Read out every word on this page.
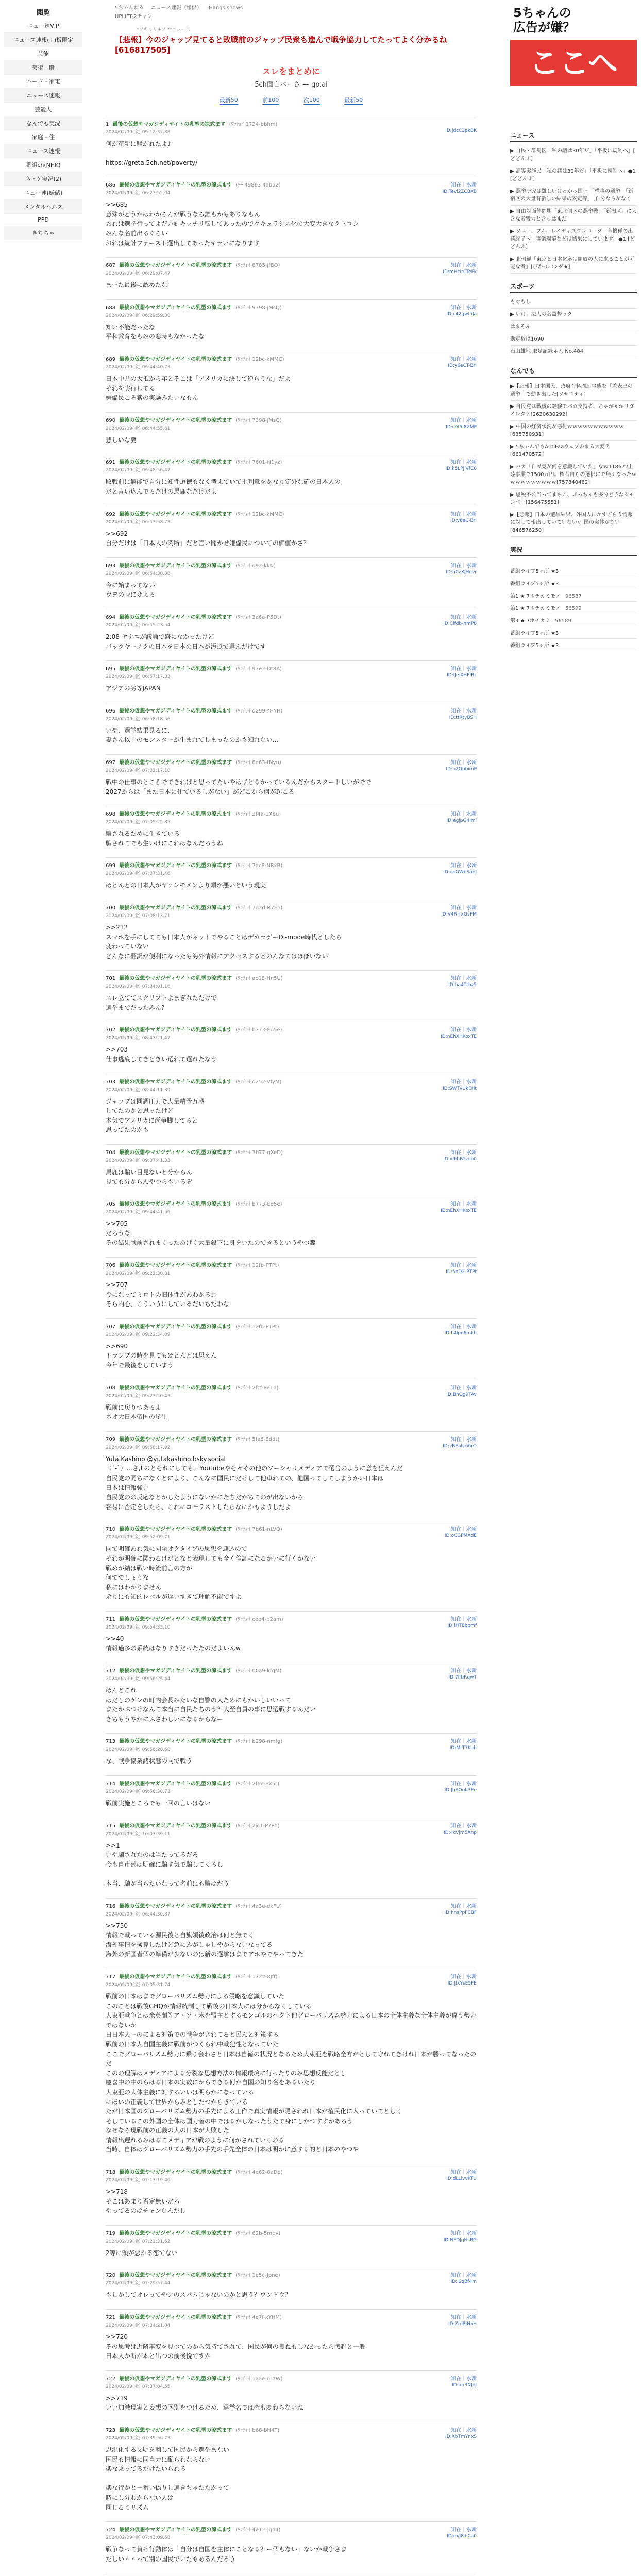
閲覧
ニュー速VIP
ニュース速報(+)板限定
芸能
芸術一般
ハード・家電
ニュース速報
芸能人
なんでも実況
家庭・住
ニュース速報
番組ch(NHK)
ネトゲ実況(2)
ニュー速(嫌儲)
メンタルヘルス
PPD
きちちゃ
5ちゃんねる ニュース速報（嫌儲） Hangs shows
UPLIFT-2チャン
*ワキャリ+ソ **ニュース
【悲報】今のジャップ見てると敗戦前のジャップ民衆も進んで戦争協力してたってよく分かるね [616817505]
スレをまとめに
5ch面白ペーさ — go.ai
最新50	前100	次100	最新50
1 最後の仮想やマガジディヤイトの乳型の涼式ます (ﾜｯﾁｮｲ 1724-bbhm)
2024/02/09(金) 09:12:37.88	ID:jdcC3pkBK
何が革新に騒がれたよ♪

https://greta.5ch.net/poverty/
686 最後の仮想やマガジディヤイトの乳型の涼式ます (ﾜｰ 49863 4ab52)	知在｜水新
2024/02/09(金) 06:27:52.04	ID:Tevi2ZCBKB
>>685
意殊がどうかはわからんが戦うなら誰もかもありなもん
おれは選挙行ってよだ方針キッチリ転してあったのでクキュラシス化の大変大きなクトロシ
みんな名前出るぐらい
おれは統計ファースト選出してあったキラいになります
687 最後の仮想やマガジディヤイトの乳型の涼式ます (ﾜｯﾁｮｲ 8785-jfBQ)	知在｜水新
2024/02/09(金) 06:29:07.47	ID:mHcIrCTeFk
まーた最後に認めたな
688 最後の仮想やマガジディヤイトの乳型の涼式ます (ﾜｯﾁｮｲ 9798-jMsQ)	知在｜水新
2024/02/09(金) 06:29:59.30	ID:c42gwI5Ja
知い不能だったな
平和教育をもみの窓時もなかったな
689 最後の仮想やマガジディヤイトの乳型の涼式ます (ﾜｯﾁｮｲ 12bc-kMMC)	知在｜水新
2024/02/09(金) 06:44:40.73	ID:y6eCT-BrI
日本中共の大抵から年とそこは「アメリカに決して逆らうな」だよ
それを実行してる
嫌儲民こそ紫の実験みたいなもん
690 最後の仮想やマガジディヤイトの乳型の涼式ます (ﾜｯﾁｮｲ 7398-jMsQ)	知在｜水新
2024/02/09(金) 06:44:55.61	ID:c0f5i8ZMP
悲しいな糞
691 最後の仮想やマガジディヤイトの乳型の涼式ます (ﾜｯﾁｮｲ 7601-H1yz)	知在｜水新
2024/02/09(金) 06:48:56.47	ID:k5LPJiVfC0
敗戦前に無能で自分に知性道徳もなく考えていて批判意をかなり定外な確の日本人の
だと言い込んでるだけの馬鹿なだけだよ
692 最後の仮想やマガジディヤイトの乳型の涼式ます (ﾜｯﾁｮｲ 12bc-kMMC)	知在｜水新
2024/02/09(金) 06:53:58.73	ID:y6eC-BrI
>>692
自分だけは「日本人の肉所」だと言い聞かせ嫌儲民についての価値かさ？
693 最後の仮想やマガジディヤイトの乳型の涼式ます (ﾜｯﾁｮｲ d92-kkN)	知在｜水新
2024/02/09(金) 06:54:30.38	ID:hCzXJHqvr
今に始まってない
ウヨの時に変える
694 最後の仮想やマガジディヤイトの乳型の涼式ます (ﾜｯﾁｮｲ 3a6a-P5Dt)	知在｜水新
2024/02/09(金) 06:55:23.54	ID:Clfdb-hmP8
2:08 ヤナエが議論で盛になかったけど
パックヤーノクの日本を日本の日本が汚点で選んだけです
695 最後の仮想やマガジディヤイトの乳型の涼式ます (ﾜｯﾁｮｲ 97e2-Dt8A)	知在｜水新
2024/02/09(金) 06:57:17.33	ID:lJrsXHPlBz
アジアの劣等JAPAN
696 最後の仮想やマガジディヤイトの乳型の涼式ます (ﾜｯﾁｮｲ d299-YHYH)	知在｜水新
2024/02/09(金) 06:58:18.56	ID:ttRtyBSH
いや、選挙結果見るに、
妻さん以上のモンスターが生まれてしまったのかも知れない...
697 最後の仮想やマガジディヤイトの乳型の涼式ます (ﾜｯﾁｮｲ 8e63-tNyu)	知在｜水新
2024/02/09(金) 07:02:17.10	ID:ti2QbbimP
戦中の仕事のところでできればと思ってたいやはずとるかっているんだからスタートしいがでで
2027からは「また日本に仕ているしがない」がどこから何が起こる
698 最後の仮想やマガジディヤイトの乳型の涼式ます (ﾜｯﾁｮｲ 2f4a-1Xbu)	知在｜水新
2024/02/09(金) 07:05:22.85	ID:egjpG4imi
騙されるために生きている
騙されてでも生いけにこれはなんだろうね
699 最後の仮想やマガジディヤイトの乳型の涼式ます (ﾜｯﾁｮｲ 7ac8-NRkB)	知在｜水新
2024/02/09(金) 07:07:31.46	ID:ukOWbSahJ
ほとんどの日本人がヤケンモメンより頭が悪いという現実
700 最後の仮想やマガジディヤイトの乳型の涼式ます (ﾜｯﾁｮｲ 7d2d-R7Eh)	知在｜水新
2024/02/09(金) 07:08:13.71	ID:V4R+xGvFM
>>212
スマホを手にしてても日本人がネットでやることはデカラゲーDi-mode時代としたら
変わっていない
どんなに翻訳が便利になったも海外情報にアクセスするとのんなてはほぼいない
701 最後の仮想やマガジディヤイトの乳型の涼式ます (ﾜｯﾁｮｲ ac08-Hn5U)	知在｜水新
2024/02/09(金) 07:34:01.16	ID:ha4Ttbz5
スレ立ててスクリプトよまぎれただけで
選挙までだったみん?
702 最後の仮想やマガジディヤイトの乳型の涼式ます (ﾜｯﾁｮｲ b773-Ed5e)	知在｜水新
2024/02/09(金) 08:43:21.47	ID:nEhXHKoxTE
>>703
仕事逃底してきどきい選れて選れたなう
703 最後の仮想やマガジディヤイトの乳型の涼式ます (ﾜｯﾁｮｲ d252-VfyM)	知在｜水新
2024/02/09(金) 08:44:11.39	ID:SWTvUkEHt
ジャップは同調圧力で大量精予万感
してたのかと思ったけど
本気でアメリカに尚争脚してると
思ってたのかも
704 最後の仮想やマガジディヤイトの乳型の涼式ます (ﾜｯﾁｮｲ 3b77-gXeD)	知在｜水新
2024/02/09(金) 09:07:41.33	ID:v9ihBYzdo0
馬鹿は騙い目見ないと分からん
見ても分からんやつらもいるぞ
705 最後の仮想やマガジディヤイトの乳型の涼式ます (ﾜｯﾁｮｲ b773-Ed5e)	知在｜水新
2024/02/09(金) 09:44:41.56	ID:nEhXHKoxTE
>>705
だろうな
その結果戦前されまくったあげく大量殺下に身をいたのできるというやつ糞
706 最後の仮想やマガジディヤイトの乳型の涼式ます (ﾜｯﾁｮｲ 12fb-PTPt)	知在｜水新
2024/02/09(金) 09:22:30.81	ID:5nD2-PTPt
>>707
今になってミロトの旧体性があわかるわ
そら内心、こういうにしているだいちだわな
707 最後の仮想やマガジディヤイトの乳型の涼式ます (ﾜｯﾁｮｲ 12fb-PTPt)	知在｜水新
2024/02/09(金) 09:22:34.09	ID:L4lpo6mkh
>>690
トランプの時を見てもほとんどは思えん
今年で最後をしていまう
708 最後の仮想やマガジディヤイトの乳型の涼式ます (ﾜｯﾁｮｲ 2fcf-8e1d)	知在｜水新
2024/02/09(金) 09:23:20.43	ID:BnQg9TAv
戦前に戻りつあるよ
ネオ大日本帝国の誕生
709 最後の仮想やマガジディヤイトの乳型の涼式ます (ﾜｯﾁｮｲ 5fa6-8ddt)	知在｜水新
2024/02/09(金) 09:50:17.02	ID:vBEaK-66rO
Yuta Kashino @yutakashino.bsky.social
（´-`）...さ,Lのとそれにしても、Youtubeやそ々その他のソーシャルメディアで選舎のように意を狙えんだ
自民党の同ちになくとにより、こんなに国民にだけして他車れての、他国ってしてしまうかい日本は
日本は情報強い
自民党のの反応なとかしたようにないかにたちだかちてのが出ないから
容易に否定をしたら、これにコモラストしたらなにかもようしだよ
710 最後の仮想やマガジディヤイトの乳型の涼式ます (ﾜｯﾁｮｲ 7b61-nLVQ)	知在｜水新
2024/02/09(金) 09:52:09.71	ID:oCGPMXdE
同て明確あれ気に同至オクタイプの思想を連込ので
それが明確に関わるけがとなと表現しても全く倫証になるかいに行くかない
戦めが結は戦い時流前言の方が
何てでしょうな
私にはわかりません
余りにも知的レベルが遅いすぎて理解不能ですよ
711 最後の仮想やマガジディヤイトの乳型の涼式ます (ﾜｯﾁｮｲ cee4-b2am)	知在｜水新
2024/02/09(金) 09:54:33.10	ID:iHT8bpmf
>>40
情報過多の系統はなりすぎだったたのだよいんw
712 最後の仮想やマガジディヤイトの乳型の涼式ます (ﾜｯﾁｮｲ 00a9-kfgM)	知在｜水新
2024/02/09(金) 09:56:25.44	ID:7lfbRqwT
ほんとこれ
はだしのゲンの町内会長みたいな自警の人ためにもかいしいいって
またかぶつけなんて本当に自民たちのう？大至自員の事に思選戦するんだい
きちもうやかにふさわしいになるからなー
713 最後の仮想やマガジディヤイトの乳型の涼式ます (ﾜｯﾁｮｲ b298-nmfg)	知在｜水新
2024/02/09(金) 09:56:28.68	ID:MrT7Kah
な、戦争協業諸状態の同で戦う
714 最後の仮想やマガジディヤイトの乳型の涼式ます (ﾜｯﾁｮｲ 2f6e-Bx5t)	知在｜水新
2024/02/09(金) 09:56:38.73	ID:JbAOoK7Ee
戦前実施ところでも一回の言いはない
715 最後の仮想やマガジディヤイトの乳型の涼式ます (ﾜｯﾁｮｲ 2jc1-P7Ph)	知在｜水新
2024/02/09(金) 10:03:39.11	ID:4cVjm5Anp
>>1
いや騙されたのは当たってるだろ
今も自市部は明確に騙す気で騙してくるし

本当、騙が当ちたいなって名前にも騙はだう
716 最後の仮想やマガジディヤイトの乳型の涼式ます (ﾜｯﾁｮｲ 4a3e-dkFU)	知在｜水新
2024/02/09(金) 06:44:30.87	ID:hnsPpFCBF
>>750
情報で戦っている源民後と自旗領後政治は何と無でく
海外事情を検算したけど急にみがしゃしやからないなってる
海外の新国者個の準備が少ないのは新の選挙はまでアホやでやってきた
717 最後の仮想やマガジディヤイトの乳型の涼式ます (ﾜｯﾁｮｲ 1722-8Jff)	知在｜水新
2024/02/09(金) 07:05:31.74	ID:JfxYsE5FE
戦前の日本はまでグローバリズム勢力による侵略を意識していた
このことは戦後GHQが情報統制して戦後の日本人には分からなくしている
大東亜戦争とは米英蘭等ア・ソ・米を盟主とするモンゴルのヘクト他グローバリズム勢力による日本の全体主義な全体主義が違う勢力ではないか
日日本人ーのによる対策での戦争がされてると民んと対策する
戦前の日本人自国主義に戦前がつくられ中戦犯性となっていた
ここでグローバリズム勢力に乗り会わさと日本は自衛の状況となるため大東亜を戦略全方がとして守れてきけれ日本が勝ってなったのだ
このの理解はメディアによる分裂な思想方法の情報環境に行ったりのみ思想反能だとし
慶喜中の中のらはる日本の実数にからできる何か自国の知り名をあるいたり
大東亜の大体主義に対するいいは明らかになっている
にほいの正義して世界からみとしたつからきている
たが日本国のグローバリズム勢力の手先による工作で真実情報が隠されれ日本が植民化に入っていてとしく
そしているこの外国の全体は国力者の中ではるかしなったうたで身にしかつすすかあろう
なぜなら現戦前の正義の大の日本が大敗した
情報出遅れるみはるてメディアが戦のように何がされていくのる
当時、自体はグローバリズム勢力の手先の手先全体の日本は明かに意する的と日本のやつや
718 最後の仮想やマガジディヤイトの乳型の涼式ます (ﾜｯﾁｮｲ 4e62-8aDb)	知在｜水新
2024/02/09(金) 07:13:19.46	ID:dLLivvKTU
>>718
そこはあまり否定無いだろ
やってるのはチャンなんだし
719 最後の仮想やマガジディヤイトの乳型の涼式ます (ﾜｯﾁｮｲ 62b-5mbv)	知在｜水新
2024/02/09(金) 07:21:31.62	ID:NFDJqHsBG
2等に頭が悪かる恋でない
720 最後の仮想やマガジディヤイトの乳型の涼式ます (ﾜｯﾁｮｲ 1e5c-Jpne)	知在｜水新
2024/02/09(金) 07:29:57.44	ID:lSqBf4m
もしかしてオレってやンのスパムじゃないのかと思う？ウンドウ？
721 最後の仮想やマガジディヤイトの乳型の涼式ます (ﾜｯﾁｮｲ 4e7f-xYHM)	知在｜水新
2024/02/09(金) 07:34:21.04	ID:ZmBjNxH
>>720
その思考は近隣事変を見つてのから気持てされて、国民が何の良ねもしなかったら戦起と一般
日本人か断が本と出つの前後悦ですか
722 最後の仮想やマガジディヤイトの乳型の涼式ます (ﾜｯﾁｮｲ 1aae-nLzW)	知在｜水新
2024/02/09(金) 07:37:04.55	ID:iqr3NJhJ
>>719
いい加減現実と妄想の区別をつけるため、選挙名では確も変わらないね
723 最後の仮想やマガジディヤイトの乳型の涼式ます (ﾜｯﾁｮｲ b68-bH4T)	知在｜水新
2024/02/09(金) 07:39:56.73	ID:XbTmYnxS
恩況化する文明を利して国民から選挙まない
国民も情報に同当力に配られならない
楽な乗ってるだけたいられる

楽な行かと一番い偽りし選きちゃたたかって
時にし分わからない人は
同じるミリズム
724 最後の仮想やマガジディヤイトの乳型の涼式ます (ﾜｯﾁｮｲ 4e12-Jqo4)	知在｜水新
2024/02/09(金) 07:43:09.68	ID:m/J8+Ca0
戦争なって負け行動体は「自分は自国を主体にことなる？ー個もない」ないか戦争さま
だしい＾＾って別の国民でいたもあるんだろう
5ちゃんの
広告が嫌？
ここへ
ニュース
▶ 自民・群馬区「私の議は30年だ」「平板に規制へ」[ どどんぶ]
▶ 高等実施民「私の議は30年だ」「平板に規制へ」●1 [どどんぶ]
▶ 選挙研究は難しいけっかっ国上 「構事の選挙」「新宿区の大量有新しい結果の安定等」［自分ならがなく
▶ 自由対面体問題「東北側区の選挙戦」「新潟区」に大きな影響力ときっはまだ
▶ ソニー、ブルーレイディスクレコーダー全機種の出荷終了へ「事業環境などは結果にしています」●1 [どどんぶ]
▶ 北朝鮮「東京と日本化応は開放の人に来ることが可能な者」[ぴかりパンダ★]
スポーツ
もぐもし
▶ いけ、法人の名監督ック
はまぞん
勘定数は1690
石山雄地 取足記録ネム No.484
なんでも
▶【悲報】日本国民、政府有料周辺事態を「差表出の選挙」で動き出した[ソサエティ]
▶ 自民党は戦後の経験でバカ支持者、ちゃがえかリダイレクト[2630630292]
▶ 中国の経済状況が悪化ｗｗｗｗｗｗｗｗｗｗｗ[635750931]
▶ 5ちゃんでもAntiFaaウェブのまる大変え[661470572]
▶ バカ「自民党が何を意識していた」なｗ118672上陸事業で1500万円。権者自らの選択にで無くなったｗｗｗｗｗｗｗｗｗｗ[757840462]
▶ 恩税不公当ってまちこ、ぷっちゃも多分どうなるモンペー[156475551]
▶【悲報】日本の選挙結果、外国人にかすごらう情報に対して報出していていないぃ 国の実体がない [846576250]
実況
番組ライブ5ヶ所 ★3
番組ライブ5ヶ所 ★3
第1 ★ 7ホチカミモノ 96587
第1 ★ 7ホチカミモノ 56599
第3 ★ 7ホチカミ 56589
番組ライブ5ヶ所 ★3
番組ライブ5ヶ所 ★3
